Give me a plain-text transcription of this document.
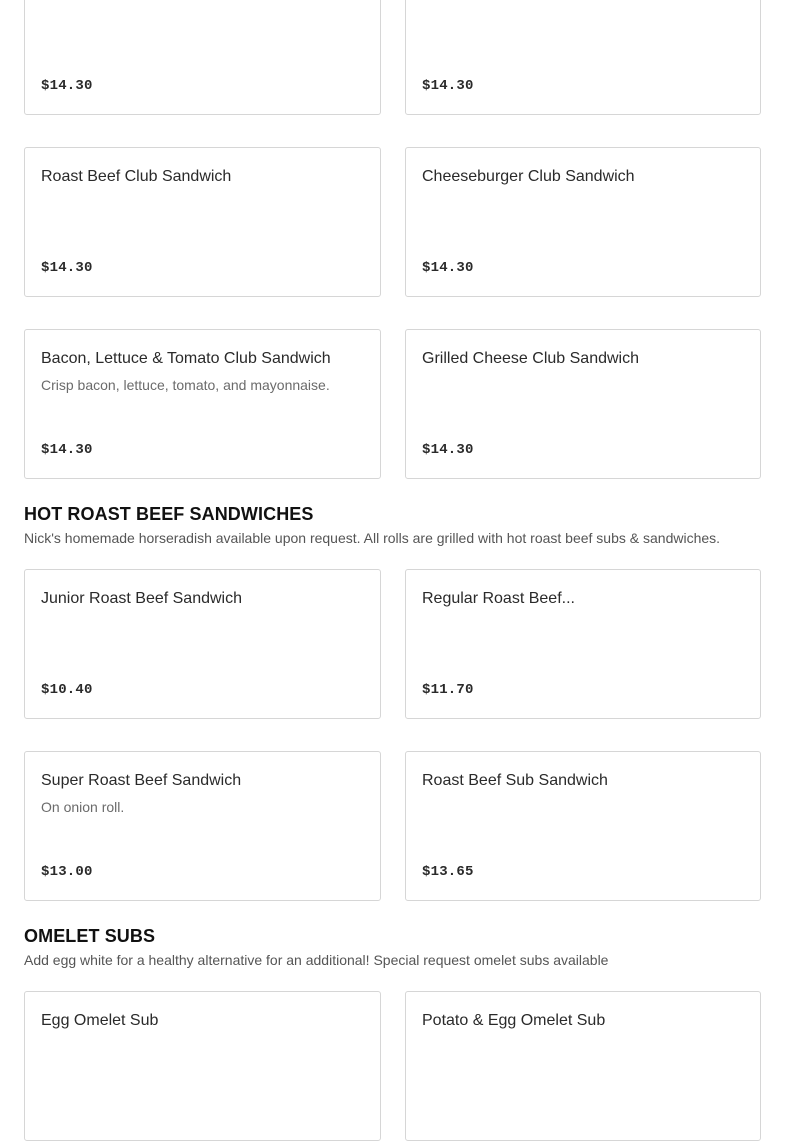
$14.30	$14.30
Roast Beef Club Sandwich
$14.30
Cheeseburger Club Sandwich
$14.30
Bacon, Lettuce & Tomato Club Sandwich
Crisp bacon, lettuce, tomato, and mayonnaise.
$14.30
Grilled Cheese Club Sandwich
$14.30
HOT ROAST BEEF SANDWICHES

Nick's homemade horseradish available upon request. All rolls are grilled with hot roast beef subs & sandwiches.

Junior Roast Beef Sandwich
$10.40
Regular Roast Beef...
$11.70
Super Roast Beef Sandwich
On onion roll.
$13.00
Roast Beef Sub Sandwich
$13.65
OMELET SUBS

Add egg white for a healthy alternative for an additional! Special request omelet subs available

Egg Omelet Sub	Potato & Egg Omelet Sub
